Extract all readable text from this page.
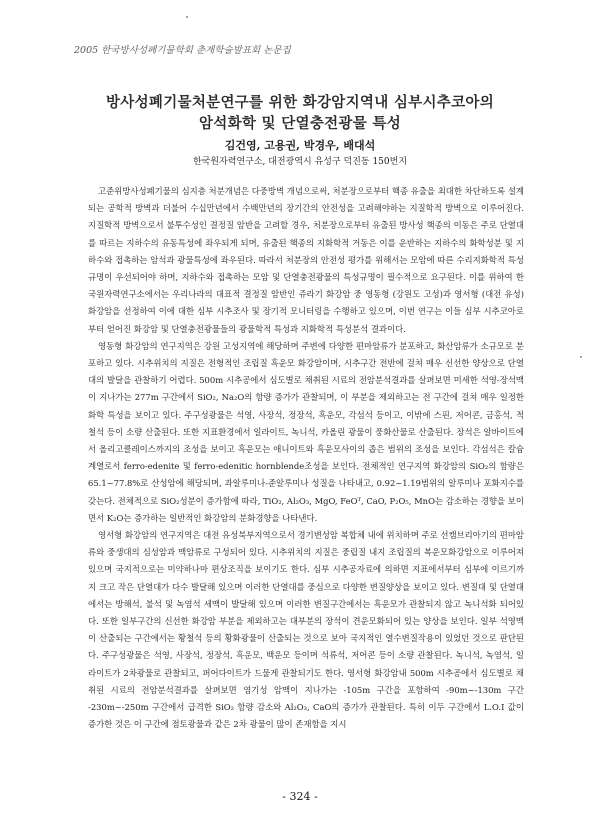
2005 한국방사성폐기물학회 춘계학술발표회 논문집
방사성폐기물처분연구를 위한 화강암지역내 심부시추코아의
암석화학 및 단열충전광물 특성
김건영, 고용권, 박경우, 배대석
한국원자력연구소, 대전광역시 유성구 덕진동 150번지

고준위방사성폐기물의 심지층 처분개념은 다중방벽 개념으로써, 처분장으로부터 핵종 유출을 최대한 차단하도록 설계되는 공학적 방벽과 더불어 수십만년에서 수백만년의 장기간의 안전성을 고려해야하는 지질학적 방벽으로 이루어진다. 지질학적 방벽으로서 불투수성인 결정질 암반을 고려할 경우, 처분장으로부터 유출된 방사성 핵종의 이동은 주로 단열대를 따르는 지하수의 유동특성에 좌우되게 되며, 유출된 핵종의 지화학적 거동은 이를 운반하는 지하수의 화학성분 및 지하수와 접촉하는 암석과 광물특성에 좌우된다. 따라서 처분장의 안전성 평가를 위해서는 모암에 따른 수리지화학적 특성규명이 우선되어야 하며, 지하수와 접촉하는 모암 및 단열충전광물의 특성규명이 필수적으로 요구된다. 이를 위하여 한국원자력연구소에서는 우리나라의 대표적 결정질 암반인 쥬라기 화강암 중 영동형 (강원도 고성)과 영서형 (대전 유성) 화강암을 선정하여 이에 대한 심부 시추조사 및 장기적 모니터링을 수행하고 있으며, 이번 연구는 이들 심부 시추코아로부터 얻어진 화강암 및 단열충전광물들의 광물학적 특성과 지화학적 특성분석 결과이다.

영동형 화강암의 연구지역은 강원 고성지역에 해당하며 주변에 다양한 편마암류가 분포하고, 화산암류가 소규모로 분포하고 있다. 시추위치의 지질은 전형적인 조립질 흑운모 화강암이며, 시추구간 전반에 걸쳐 매우 신선한 양상으로 단열대의 발달을 관찰하기 어렵다. 500m 시추공에서 심도별로 채취된 시료의 전암분석결과를 살펴보면 미세한 석영-장석맥이 지나가는 277m 구간에서 SiO₂, Na₂O의 함량 증가가 관찰되며, 이 부분을 제외하고는 전 구간에 걸쳐 매우 일정한 화학 특성을 보이고 있다. 주구성광물은 석영, 사장석, 정장석, 흑운모, 각섬석 등이고, 이밖에 스핀, 저어콘, 금홍석, 적철석 등이 소량 산출된다. 또한 지표환경에서 일라이트, 녹니석, 카올린 광물이 풍화산물로 산출된다. 장석은 알바이트에서 올리고클레이스까지의 조성을 보이고 흑운모는 애니이트와 흑운모사이의 좁은 범위의 조성을 보인다. 각섬석은 칼슘계열로서 ferro-edenite 및 ferro-edenitic hornblende조성을 보인다. 전체적인 연구지역 화강암의 SiO₂의 함량은 65.1~77.8%로 산성암에 해당되며, 과알루미나-준알루미나 성질을 나타내고, 0.92~1.19범위의 알루미나 포화지수를 갖는다. 전체적으로 SiO₂성분이 증가함에 따라, TiO₂, Al₂O₃, MgO, FeOᵀ, CaO, P₂O₅, MnO는 감소하는 경향을 보이면서 K₂O는 증가하는 일반적인 화강암의 분화경향을 나타낸다.

영서형 화강암의 연구지역은 대전 유성북부지역으로서 경기변성암 복합체 내에 위치하며 주로 선캠브리아기의 편마암류와 중생대의 심성암과 맥암류로 구성되어 있다. 시추위치의 지질은 중립질 내지 조립질의 복운모화강암으로 이루어져 있으며 국지적으로는 미약하나마 편상조직을 보이기도 한다. 심부 시추공자료에 의하면 지표에서부터 심부에 이르기까지 크고 작은 단열대가 다수 발달해 있으며 이러한 단열대를 중심으로 다양한 변질양상을 보이고 있다. 변질대 및 단열대에서는 방해석, 불석 및 녹염석 세맥이 발달해 있으며 이러한 변질구간에서는 흑운모가 관찰되지 않고 녹니석화 되어있다. 또한 일부구간의 신선한 화강암 부분을 제외하고는 대부분의 장석이 견운모화되어 있는 양상을 보인다. 일부 석영맥이 산출되는 구간에서는 황철석 등의 황화광물이 산출되는 것으로 보아 국지적인 열수변질작용이 있었던 것으로 판단된다. 주구성광물은 석영, 사장석, 정장석, 흑운모, 백운모 등이며 석류석, 저어콘 등이 소량 관찰된다. 녹니석, 녹염석, 일라이트가 2차광물로 관찰되고, 퍼어다이트가 드물게 관찰되기도 한다. 영서형 화강암내 500m 시추공에서 심도별로 채취된 시료의 전암분석결과를 살펴보면 염기성 암맥이 지나가는 -105m 구간을 포함하여 -90m~-130m 구간 -230m~-250m 구간에서 급격한 SiO₂ 함량 감소와 Al₂O₃, CaO의 증가가 관찰된다. 특히 이두 구간에서 L.O.I 값이 증가한 것은 이 구간에 점토광물과 같은 2차 광물이 많이 존재함을 지시

- 324 -
